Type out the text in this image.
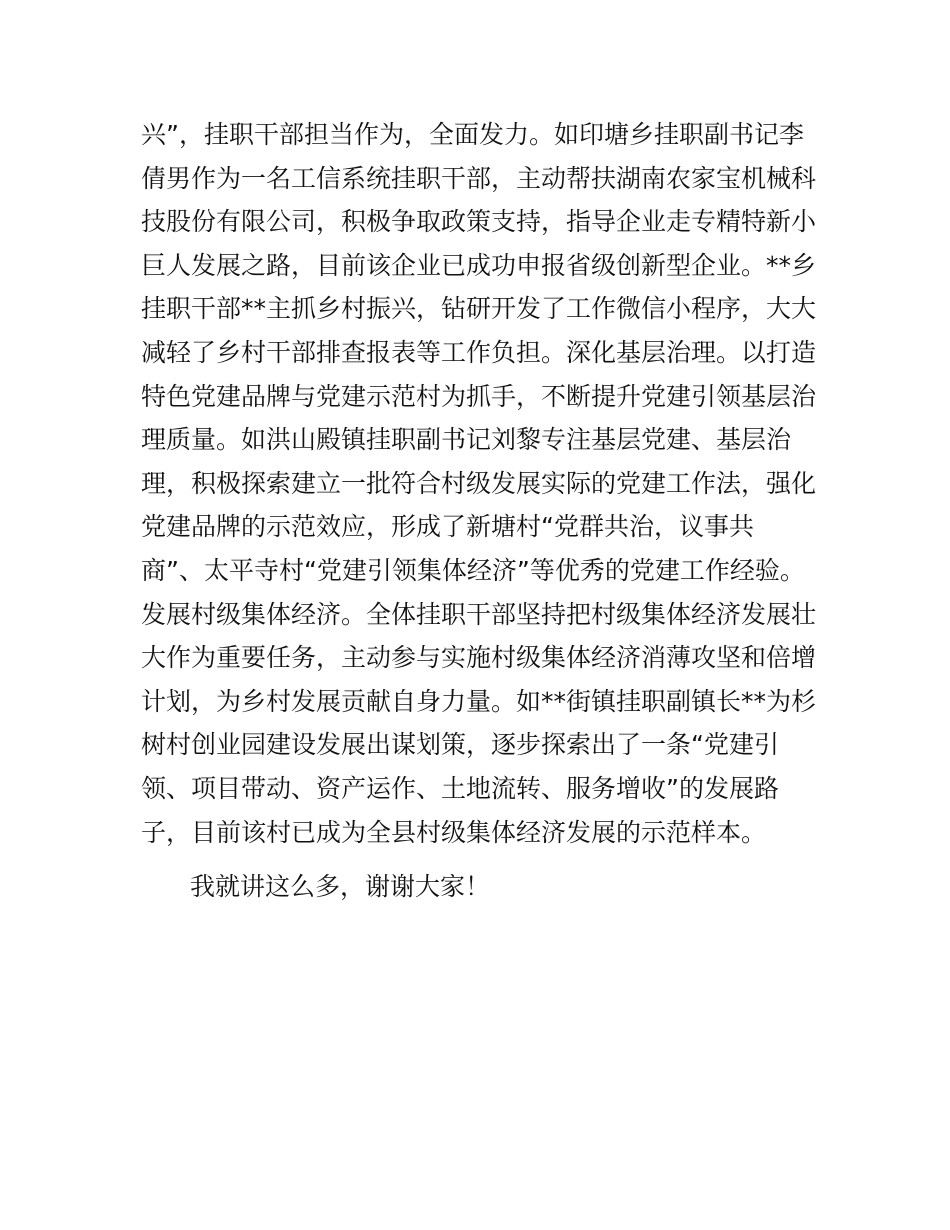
兴”，挂职干部担当作为，全面发力。如印塘乡挂职副书记李
倩男作为一名工信系统挂职干部，主动帮扶湖南农家宝机械科
技股份有限公司，积极争取政策支持，指导企业走专精特新小
巨人发展之路，目前该企业已成功申报省级创新型企业。**乡
挂职干部**主抓乡村振兴，钻研开发了工作微信小程序，大大
减轻了乡村干部排查报表等工作负担。深化基层治理。以打造
特色党建品牌与党建示范村为抓手，不断提升党建引领基层治
理质量。如洪山殿镇挂职副书记刘黎专注基层党建、基层治
理，积极探索建立一批符合村级发展实际的党建工作法，强化
党建品牌的示范效应，形成了新塘村“党群共治，议事共
商”、太平寺村“党建引领集体经济”等优秀的党建工作经验。
发展村级集体经济。全体挂职干部坚持把村级集体经济发展壮
大作为重要任务，主动参与实施村级集体经济消薄攻坚和倍增
计划，为乡村发展贡献自身力量。如**街镇挂职副镇长**为杉
树村创业园建设发展出谋划策，逐步探索出了一条“党建引
领、项目带动、资产运作、土地流转、服务增收”的发展路
子，目前该村已成为全县村级集体经济发展的示范样本。
我就讲这么多，谢谢大家！
